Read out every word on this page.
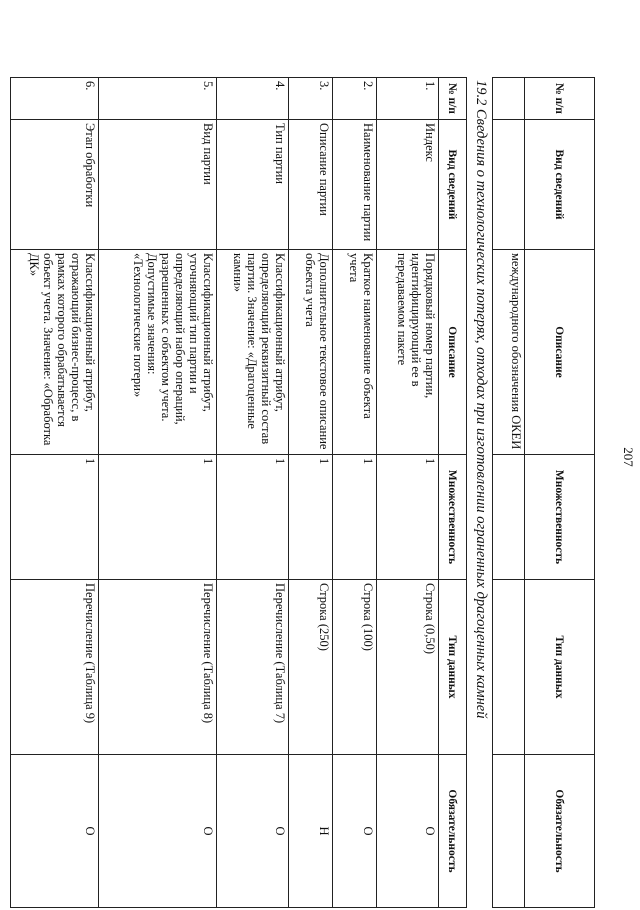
207
№ п/п	Вид сведений	Описание	Множественность	Тип данных	Обязательность
		международного обозначения ОКЕИ			
19.2 Сведения о технологических потерях, отходах при изготовлении ограненных драгоценных камней
№ п/п	Вид сведений	Описание	Множественность	Тип данных	Обязательность
1.	Индекс	Порядковый номер партии, идентифицирующий ее в передаваемом пакете	1	Строка (0,50)	О
2.	Наименование партии	Краткое наименование объекта учета	1	Строка (100)	О
3.	Описание партии	Дополнительное текстовое описание объекта учета	1	Строка (250)	Н
4.	Тип партии	Классификационный атрибут, определяющий реквизитный состав партии. Значение: «Драгоценные камни»	1	Перечисление (Таблица 7)	О
5.	Вид партии	Классификационный атрибут, уточняющий тип партии и определяющий набор операций, разрешенных с объектом учета. Допустимые значения: «Технологические потери»	1	Перечисление (Таблица 8)	О
6.	Этап обработки	Классификационный атрибут, отражающий бизнес-процесс, в рамках которого обрабатывается объект учета. Значение: «Обработка ДК»	1	Перечисление (Таблица 9)	О
